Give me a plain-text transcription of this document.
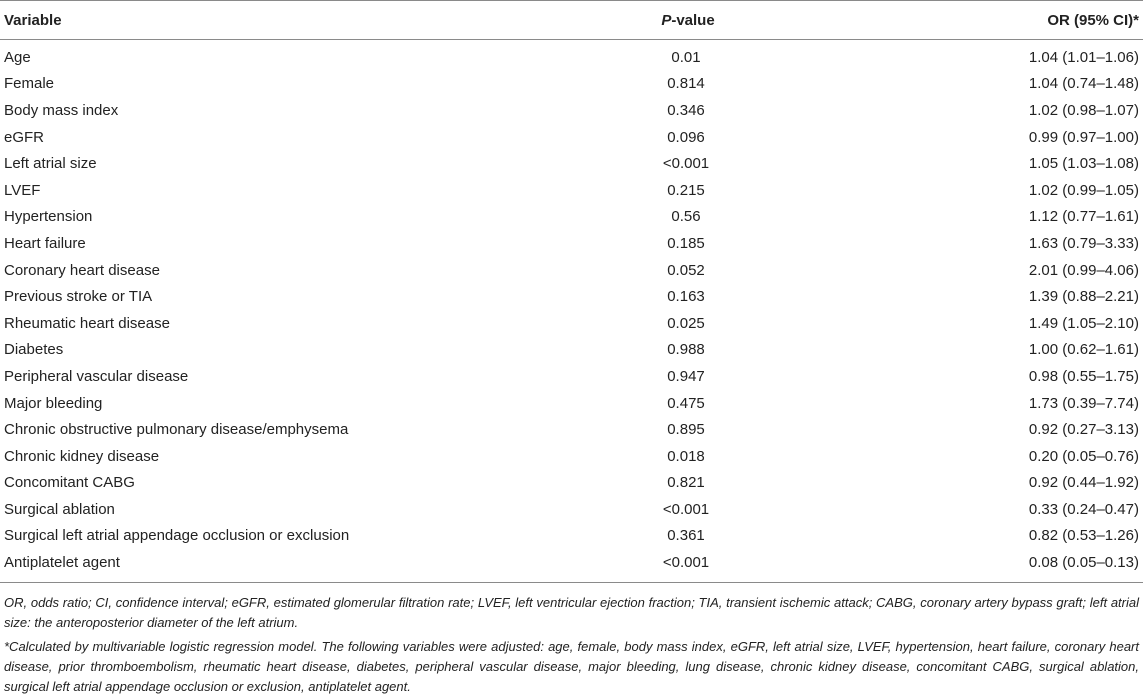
Variable	P-value	OR (95% CI)*
Age	0.01	1.04 (1.01–1.06)
Female	0.814	1.04 (0.74–1.48)
Body mass index	0.346	1.02 (0.98–1.07)
eGFR	0.096	0.99 (0.97–1.00)
Left atrial size	<0.001	1.05 (1.03–1.08)
LVEF	0.215	1.02 (0.99–1.05)
Hypertension	0.56	1.12 (0.77–1.61)
Heart failure	0.185	1.63 (0.79–3.33)
Coronary heart disease	0.052	2.01 (0.99–4.06)
Previous stroke or TIA	0.163	1.39 (0.88–2.21)
Rheumatic heart disease	0.025	1.49 (1.05–2.10)
Diabetes	0.988	1.00 (0.62–1.61)
Peripheral vascular disease	0.947	0.98 (0.55–1.75)
Major bleeding	0.475	1.73 (0.39–7.74)
Chronic obstructive pulmonary disease/emphysema	0.895	0.92 (0.27–3.13)
Chronic kidney disease	0.018	0.20 (0.05–0.76)
Concomitant CABG	0.821	0.92 (0.44–1.92)
Surgical ablation	<0.001	0.33 (0.24–0.47)
Surgical left atrial appendage occlusion or exclusion	0.361	0.82 (0.53–1.26)
Antiplatelet agent	<0.001	0.08 (0.05–0.13)

OR, odds ratio; CI, confidence interval; eGFR, estimated glomerular filtration rate; LVEF, left ventricular ejection fraction; TIA, transient ischemic attack; CABG, coronary artery bypass graft; left atrial size: the anteroposterior diameter of the left atrium.

*Calculated by multivariable logistic regression model. The following variables were adjusted: age, female, body mass index, eGFR, left atrial size, LVEF, hypertension, heart failure, coronary heart disease, prior thromboembolism, rheumatic heart disease, diabetes, peripheral vascular disease, major bleeding, lung disease, chronic kidney disease, concomitant CABG, surgical ablation, surgical left atrial appendage occlusion or exclusion, antiplatelet agent.
